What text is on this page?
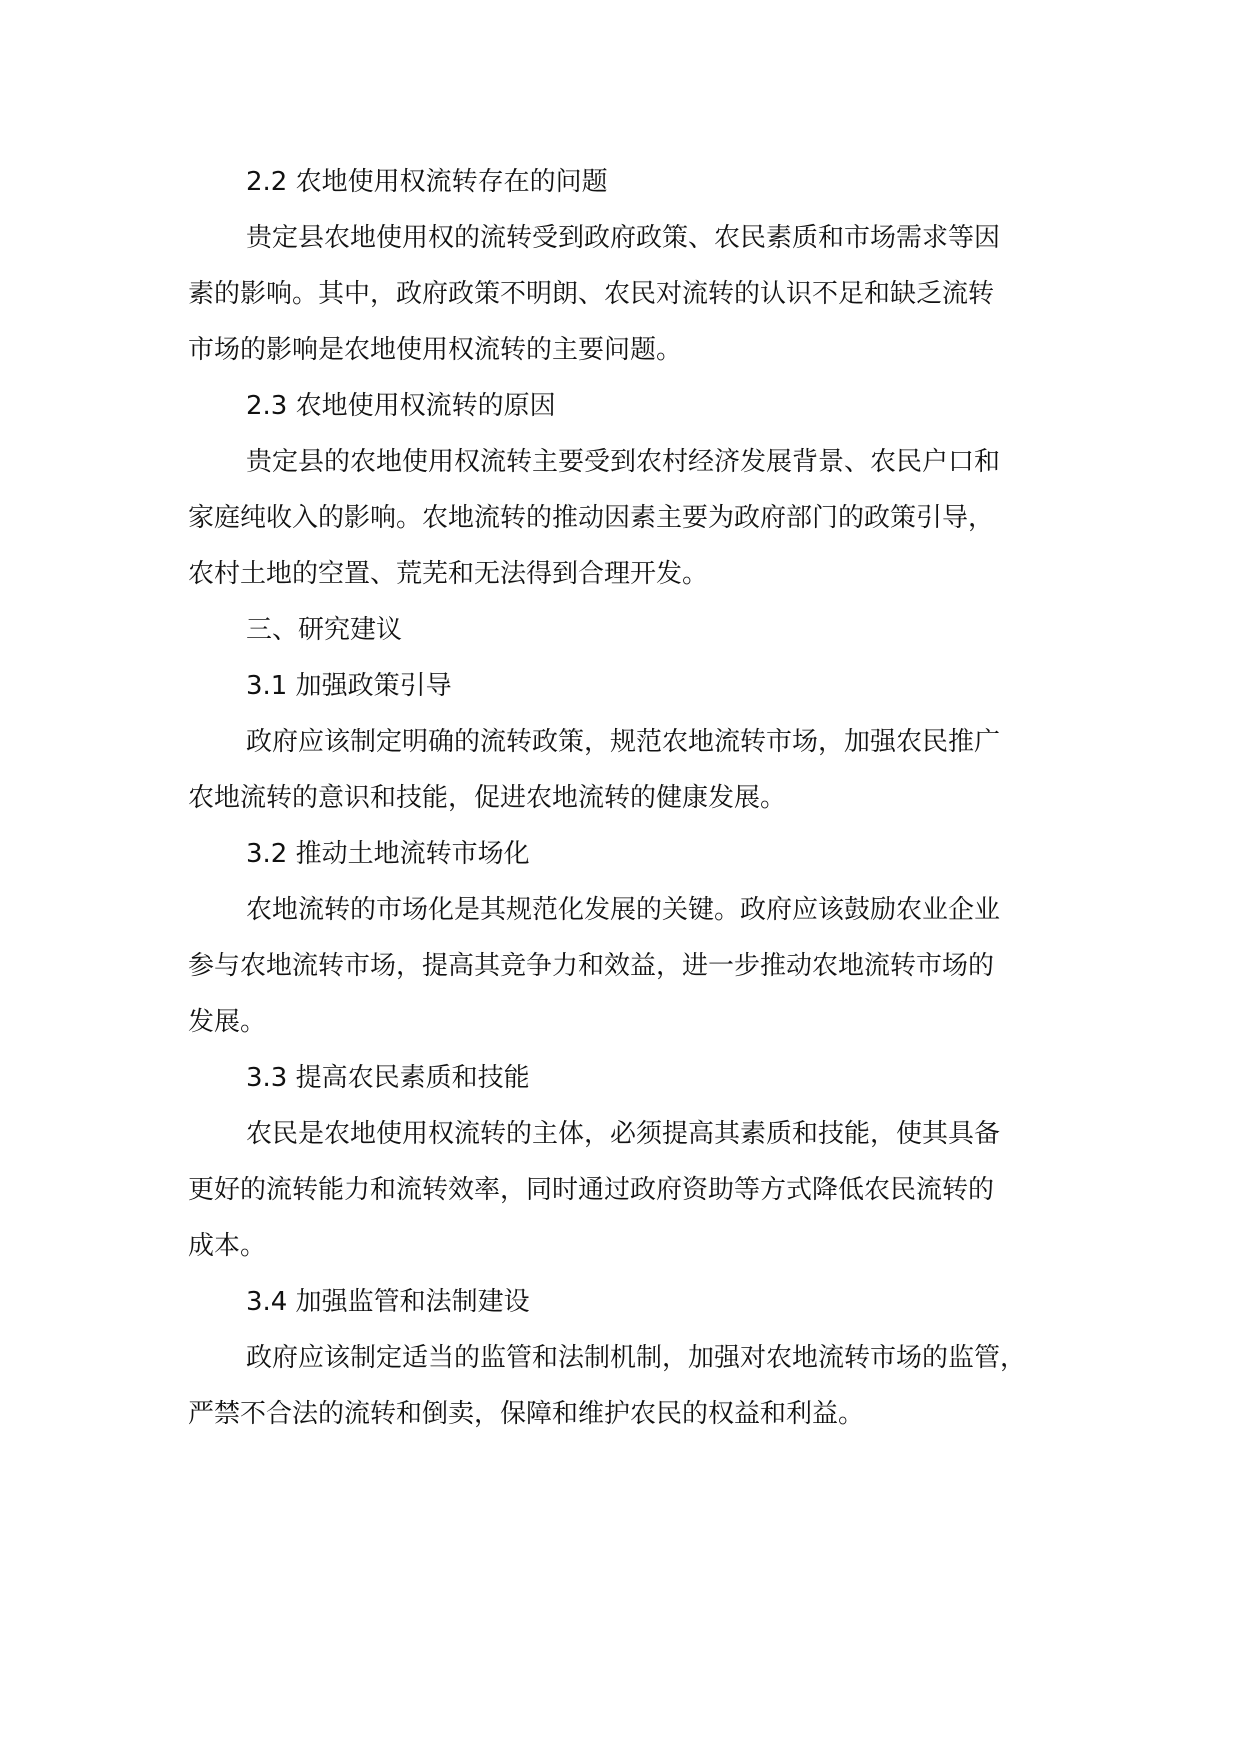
2.2 农地使用权流转存在的问题

贵定县农地使用权的流转受到政府政策、农民素质和市场需求等因

素的影响。其中，政府政策不明朗、农民对流转的认识不足和缺乏流转

市场的影响是农地使用权流转的主要问题。

2.3 农地使用权流转的原因

贵定县的农地使用权流转主要受到农村经济发展背景、农民户口和

家庭纯收入的影响。农地流转的推动因素主要为政府部门的政策引导，

农村土地的空置、荒芜和无法得到合理开发。

三、研究建议

3.1 加强政策引导

政府应该制定明确的流转政策，规范农地流转市场，加强农民推广

农地流转的意识和技能，促进农地流转的健康发展。

3.2 推动土地流转市场化

农地流转的市场化是其规范化发展的关键。政府应该鼓励农业企业

参与农地流转市场，提高其竞争力和效益，进一步推动农地流转市场的

发展。

3.3 提高农民素质和技能

农民是农地使用权流转的主体，必须提高其素质和技能，使其具备

更好的流转能力和流转效率，同时通过政府资助等方式降低农民流转的

成本。

3.4 加强监管和法制建设

政府应该制定适当的监管和法制机制，加强对农地流转市场的监管，

严禁不合法的流转和倒卖，保障和维护农民的权益和利益。
